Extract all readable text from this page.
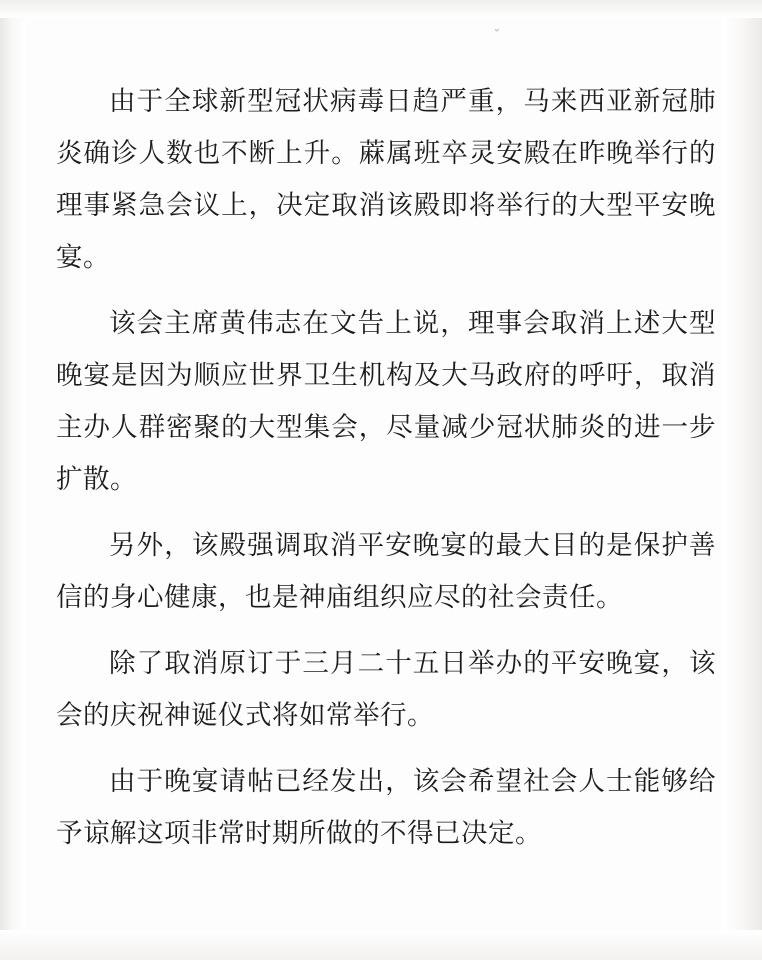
⌄

由于全球新型冠状病毒日趋严重，马来西亚新冠肺炎确诊人数也不断上升。蔴属班卒灵安殿在昨晚举行的理事紧急会议上，决定取消该殿即将举行的大型平安晚宴。

该会主席黄伟志在文告上说，理事会取消上述大型晚宴是因为顺应世界卫生机构及大马政府的呼吁，取消主办人群密聚的大型集会，尽量减少冠状肺炎的进一步扩散。

另外，该殿强调取消平安晚宴的最大目的是保护善信的身心健康，也是神庙组织应尽的社会责任。

除了取消原订于三月二十五日举办的平安晚宴，该会的庆祝神诞仪式将如常举行。

由于晚宴请帖已经发出，该会希望社会人士能够给予谅解这项非常时期所做的不得已决定。
